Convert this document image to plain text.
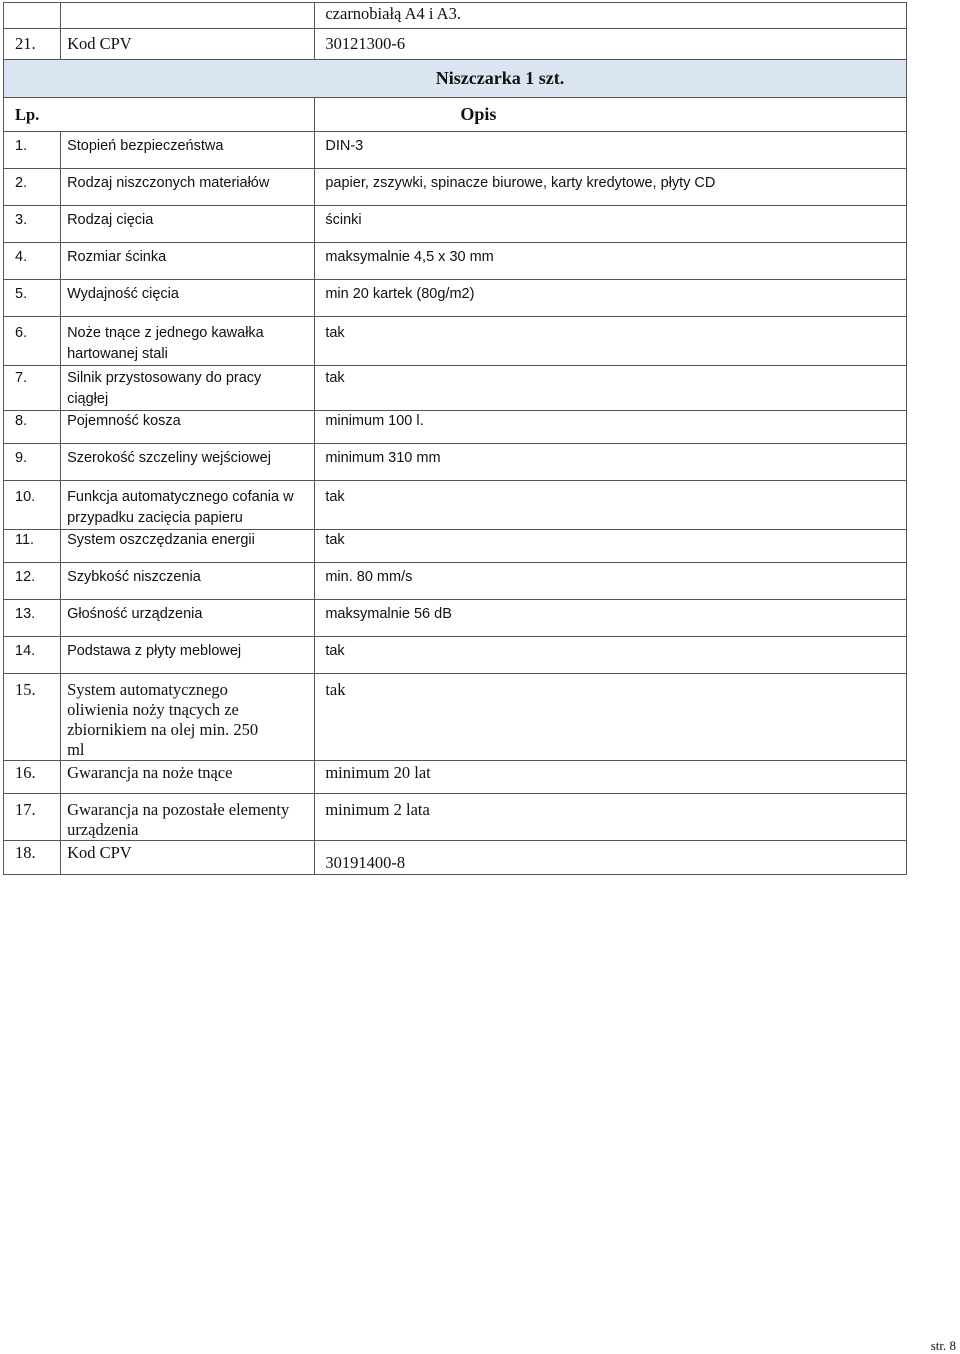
		czarnobiałą A4 i A3.
21.	Kod CPV	30121300-6
Niszczarka 1 szt.		
Lp.		Opis
1.	Stopień bezpieczeństwa	DIN-3
2.	Rodzaj niszczonych materiałów	papier, zszywki, spinacze biurowe, karty kredytowe, płyty CD
3.	Rodzaj cięcia	ścinki
4.	Rozmiar ścinka	maksymalnie 4,5 x 30 mm
5.	Wydajność cięcia	min 20 kartek (80g/m2)
6.	Noże tnące z jednego kawałka hartowanej stali	tak
7.	Silnik przystosowany do pracy ciągłej	tak
8.	Pojemność kosza	minimum 100 l.
9.	Szerokość szczeliny wejściowej	minimum 310 mm
10.	Funkcja automatycznego cofania w przypadku zacięcia papieru	tak
11.	System oszczędzania energii	tak
12.	Szybkość niszczenia	min. 80 mm/s
13.	Głośność urządzenia	maksymalnie 56 dB
14.	Podstawa z płyty meblowej	tak
15.	System automatycznego oliwienia noży tnących ze zbiornikiem na olej min. 250 ml	tak
16.	Gwarancja na noże tnące	minimum 20 lat
17.	Gwarancja na pozostałe elementy urządzenia	minimum 2 lata
18.	Kod CPV	30191400-8
str. 8
